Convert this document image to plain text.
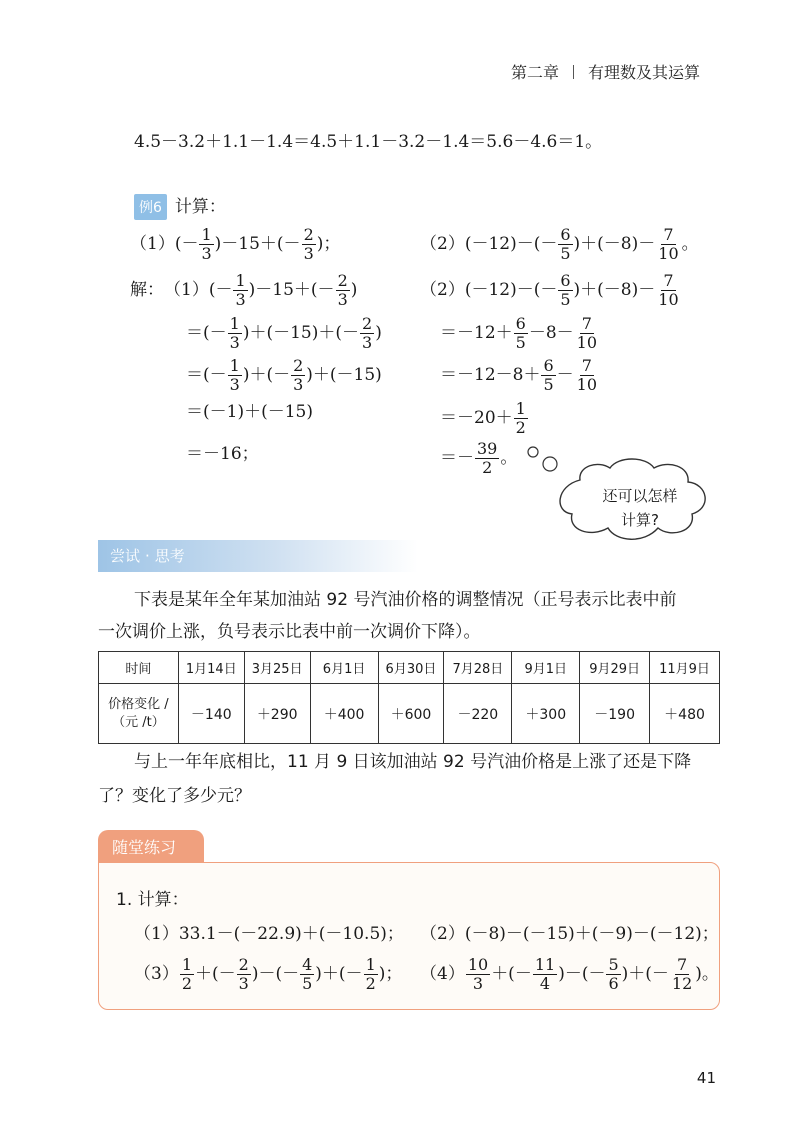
第二章 有理数及其运算
4.5－3.2＋1.1－1.4＝4.5＋1.1－3.2－1.4＝5.6－4.6＝1。
例6 计算：
（1） (－ 1
3 )－15＋(－ 2
3 )；	（2） (－12)－(－ 6
5 )＋(－8)－ 7
10 。
解： （1） (－ 1
3 )－15＋(－ 2
3 )
＝(－ 1
3 )＋(－15)＋(－ 2
3 )
＝(－ 1
3 )＋(－ 2
3 )＋(－15)
＝(－1)＋(－15)
＝－16；
（2） (－12)－(－ 6
5 )＋(－8)－ 7
10
＝－12＋ 6
5 －8－ 7
10
＝－12－8＋ 6
5 － 7
10
＝－20＋ 1
2
＝－ 39
2 。
还可以怎样
计算?
尝试 · 思考
下表是某年全年某加油站 92 号汽油价格的调整情况（正号表示比表中前
一次调价上涨，负号表示比表中前一次调价下降）。
时间	1月14日	3月25日	6月1日	6月30日	7月28日	9月1日	9月29日	11月9日

价格变化 /
（元 /t）	－140	＋290	＋400	＋600	－220	＋300	－190	＋480
与上一年年底相比，11 月 9 日该加油站 92 号汽油价格是上涨了还是下降
了？变化了多少元？
随堂练习
1. 计算：
（1）33.1－(－22.9)＋(－10.5)； （2）(－8)－(－15)＋(－9)－(－12)；
（3） 1
2 ＋(－ 2
3 )－(－ 4
5 )＋(－ 1
2 )； （4） 10
3 ＋(－ 11
4 )－(－ 5
6 )＋(－ 7
12 )。
41
